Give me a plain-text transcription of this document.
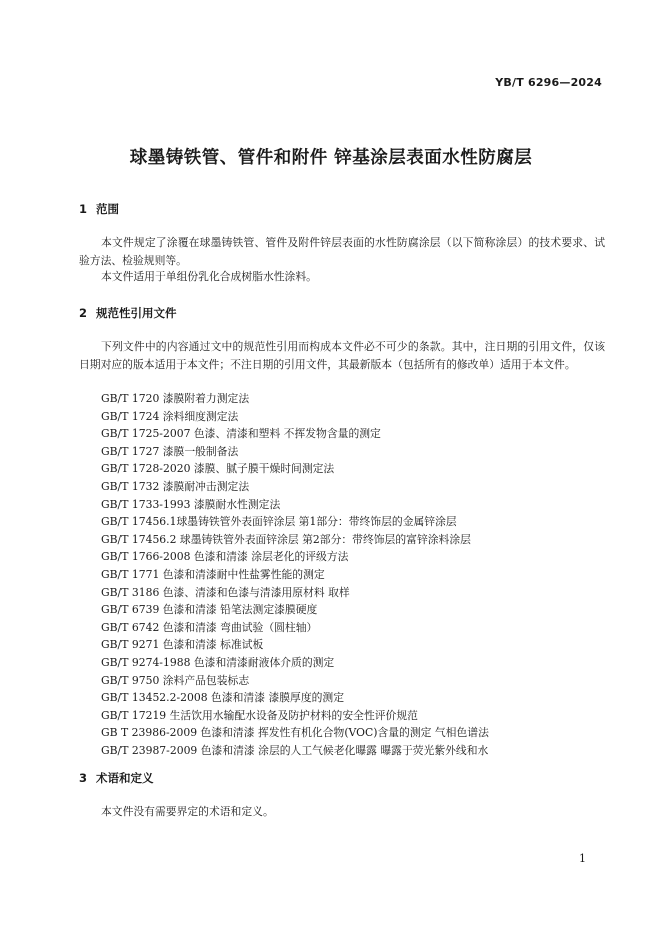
YB/T 6296—2024
球墨铸铁管、管件和附件 锌基涂层表面水性防腐层
1 范围

本文件规定了涂覆在球墨铸铁管、管件及附件锌层表面的水性防腐涂层（以下简称涂层）的技术要求、试验方法、检验规则等。

本文件适用于单组份乳化合成树脂水性涂料。

2 规范性引用文件

下列文件中的内容通过文中的规范性引用而构成本文件必不可少的条款。其中，注日期的引用文件，仅该日期对应的版本适用于本文件；不注日期的引用文件，其最新版本（包括所有的修改单）适用于本文件。

GB/T 1720 漆膜附着力测定法
GB/T 1724 涂料细度测定法
GB/T 1725-2007 色漆、清漆和塑料 不挥发物含量的测定
GB/T 1727 漆膜一般制备法
GB/T 1728-2020 漆膜、腻子膜干燥时间测定法
GB/T 1732 漆膜耐冲击测定法
GB/T 1733-1993 漆膜耐水性测定法
GB/T 17456.1球墨铸铁管外表面锌涂层 第1部分：带终饰层的金属锌涂层
GB/T 17456.2 球墨铸铁管外表面锌涂层 第2部分：带终饰层的富锌涂料涂层
GB/T 1766-2008 色漆和清漆 涂层老化的评级方法
GB/T 1771 色漆和清漆耐中性盐雾性能的测定
GB/T 3186 色漆、清漆和色漆与清漆用原材料 取样
GB/T 6739 色漆和清漆 铅笔法测定漆膜硬度
GB/T 6742 色漆和清漆 弯曲试验（圆柱轴）
GB/T 9271 色漆和清漆 标准试板
GB/T 9274-1988 色漆和清漆耐液体介质的测定
GB/T 9750 涂料产品包装标志
GB/T 13452.2-2008 色漆和清漆 漆膜厚度的测定
GB/T 17219 生活饮用水输配水设备及防护材料的安全性评价规范
GB T 23986-2009 色漆和清漆 挥发性有机化合物(VOC)含量的测定 气相色谱法
GB/T 23987-2009 色漆和清漆 涂层的人工气候老化曝露 曝露于荧光紫外线和水
3 术语和定义

本文件没有需要界定的术语和定义。

1
